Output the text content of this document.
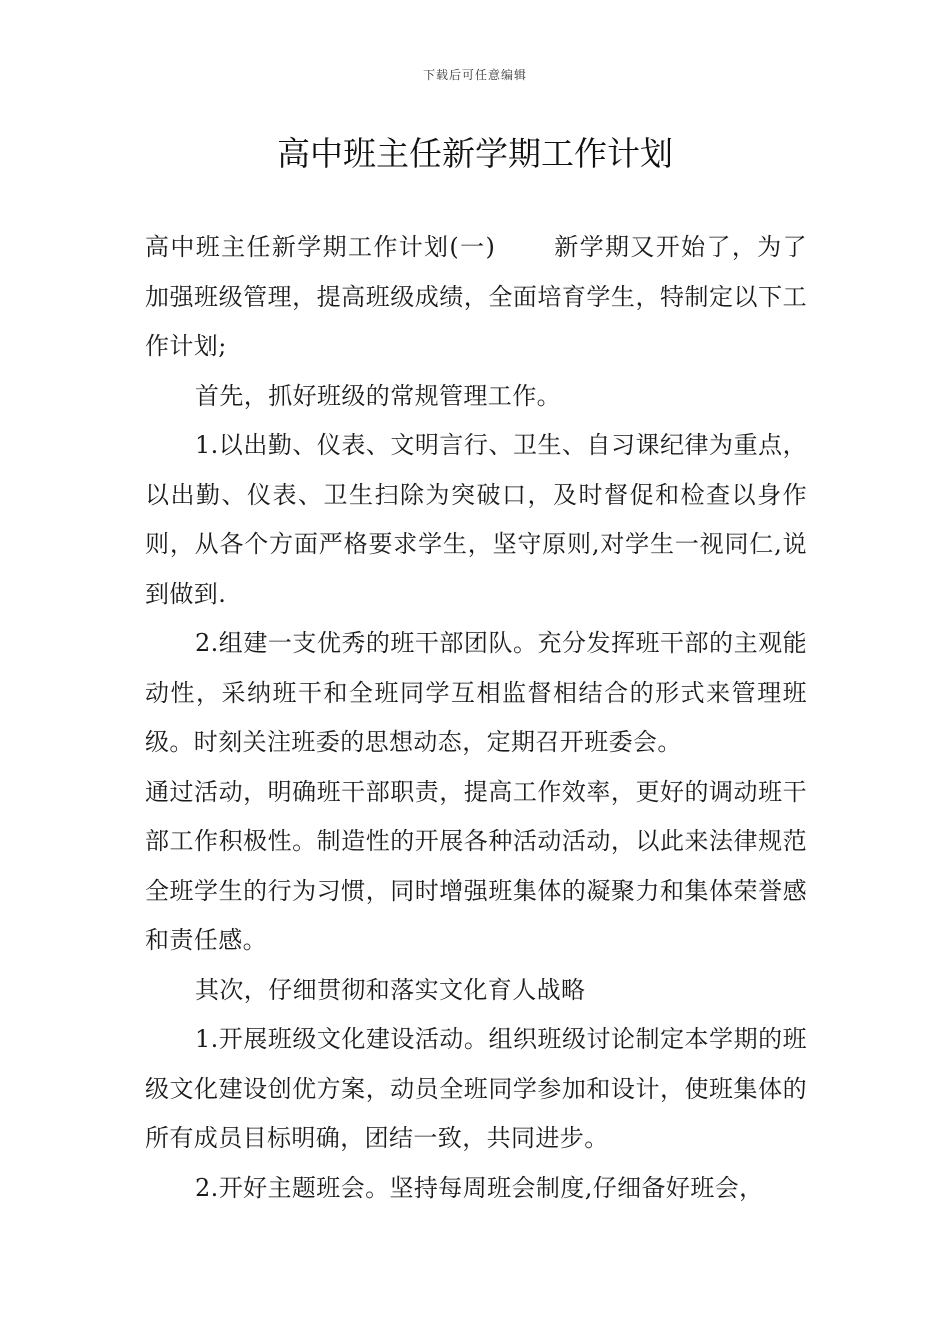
下载后可任意编辑
高中班主任新学期工作计划

高中班主任新学期工作计划(一) 新学期又开始了，为了加强班级管理，提高班级成绩，全面培育学生，特制定以下工作计划;

首先，抓好班级的常规管理工作。

1.以出勤、仪表、文明言行、卫生、自习课纪律为重点，以出勤、仪表、卫生扫除为突破口，及时督促和检查以身作则，从各个方面严格要求学生，坚守原则,对学生一视同仁,说到做到.

2.组建一支优秀的班干部团队。充分发挥班干部的主观能动性，采纳班干和全班同学互相监督相结合的形式来管理班级。时刻关注班委的思想动态，定期召开班委会。

通过活动，明确班干部职责，提高工作效率，更好的调动班干部工作积极性。制造性的开展各种活动活动，以此来法律规范全班学生的行为习惯，同时增强班集体的凝聚力和集体荣誉感和责任感。

其次，仔细贯彻和落实文化育人战略

1.开展班级文化建设活动。组织班级讨论制定本学期的班级文化建设创优方案，动员全班同学参加和设计，使班集体的所有成员目标明确，团结一致，共同进步。

2.开好主题班会。坚持每周班会制度,仔细备好班会，
